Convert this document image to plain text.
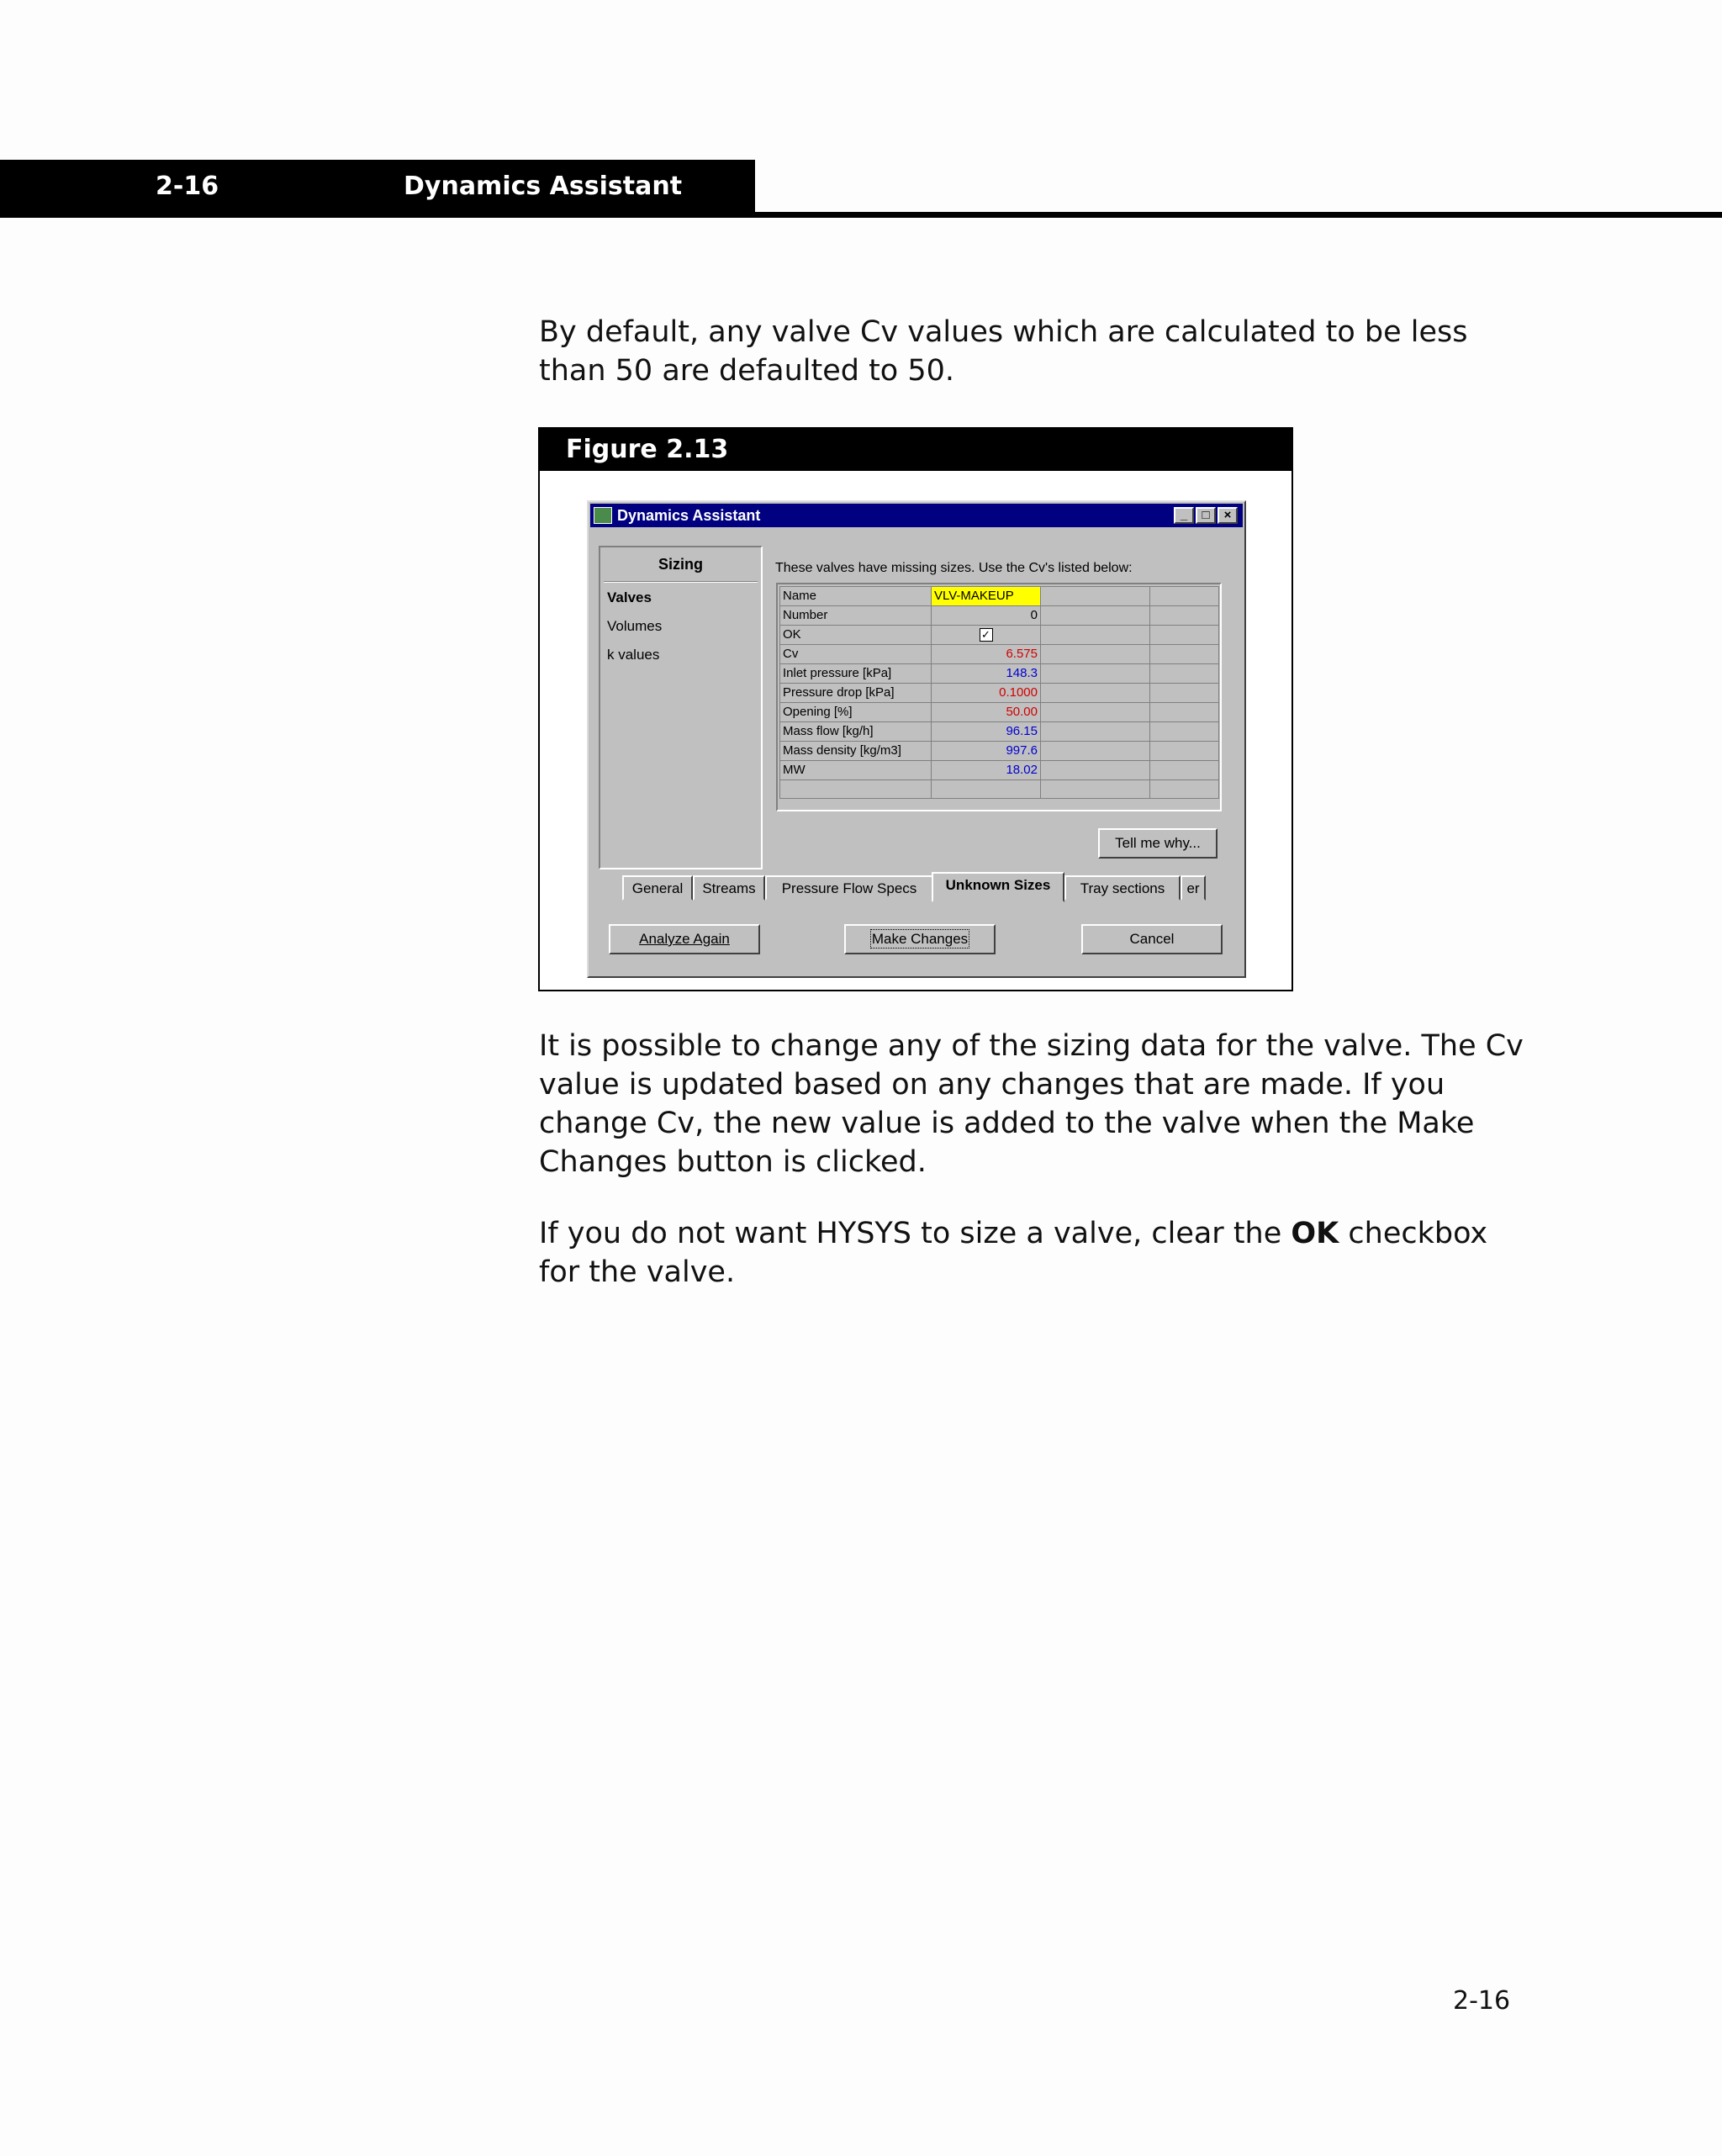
2-16	Dynamics Assistant

By default, any valve Cv values which are calculated to be less than 50 are defaulted to 50.

Figure 2.13
Dynamics Assistant	_	□	×
Sizing
Valves
Volumes
k values
These valves have missing sizes. Use the Cv's listed below:
Name	VLV-MAKEUP		
Number	0		
OK	✓		
Cv	6.575		
Inlet pressure [kPa]	148.3		
Pressure drop [kPa]	0.1000		
Opening [%]	50.00		
Mass flow [kg/h]	96.15		
Mass density [kg/m3]	997.6		
MW	18.02		

Tell me why...
General	Streams	Pressure Flow Specs	Unknown Sizes	Tray sections	er
Analyze Again	Make Changes	Cancel

It is possible to change any of the sizing data for the valve. The Cv value is updated based on any changes that are made. If you change Cv, the new value is added to the valve when the Make Changes button is clicked.

If you do not want HYSYS to size a valve, clear the OK checkbox for the valve.

2-16
